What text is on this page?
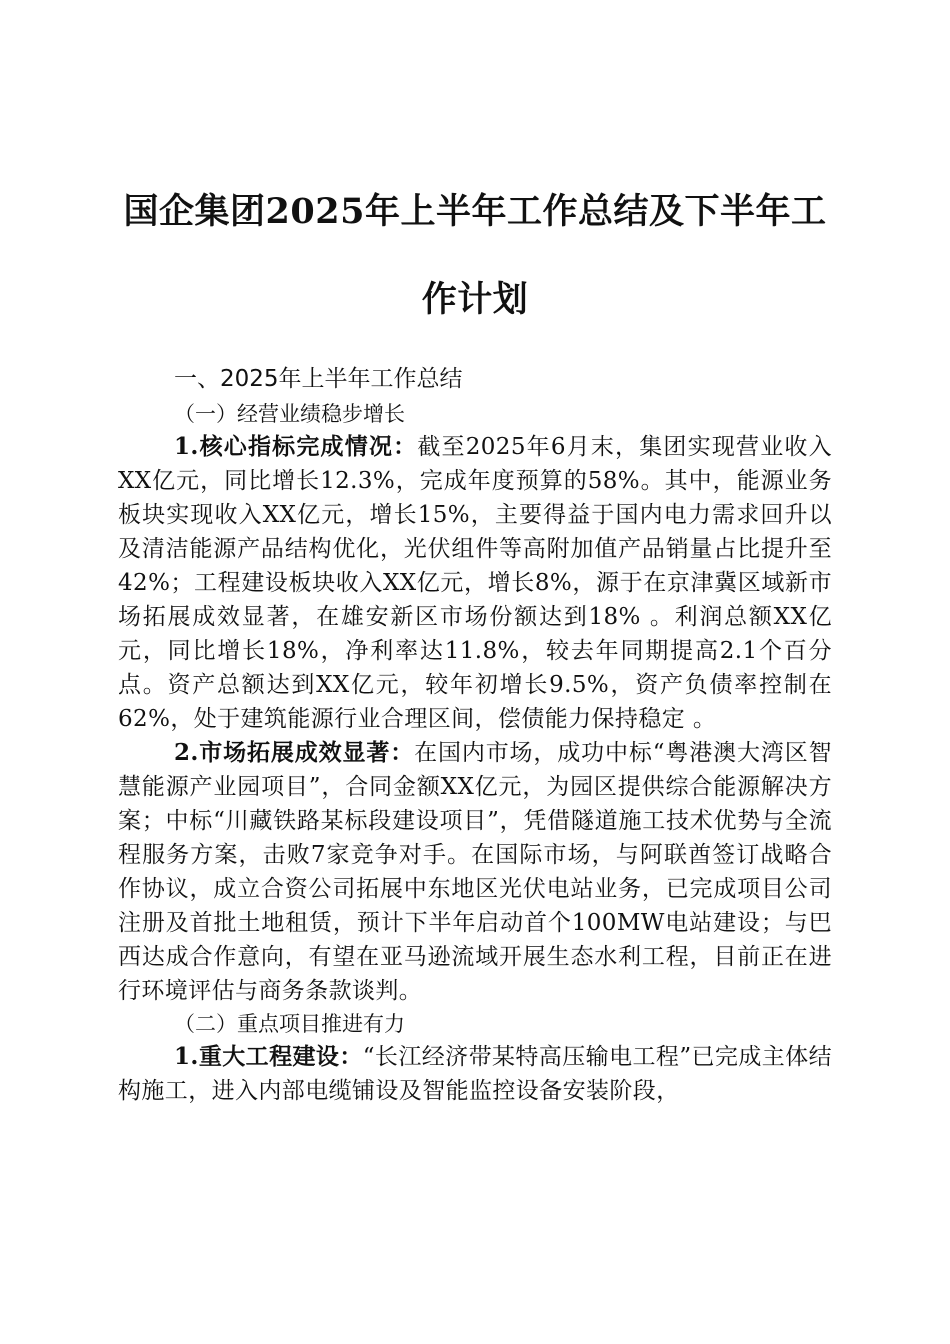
国企集团2025年上半年工作总结及下半年工作计划

一、2025年上半年工作总结

（一）经营业绩稳步增长

1.核心指标完成情况：截至2025年6月末，集团实现营业收入XX亿元，同比增长12.3%，完成年度预算的58%。其中，能源业务板块实现收入XX亿元，增长15%，主要得益于国内电力需求回升以及清洁能源产品结构优化，光伏组件等高附加值产品销量占比提升至42%；工程建设板块收入XX亿元，增长8%，源于在京津冀区域新市场拓展成效显著，在雄安新区市场份额达到18% 。利润总额XX亿元，同比增长18%，净利率达11.8%，较去年同期提高2.1个百分点。资产总额达到XX亿元，较年初增长9.5%，资产负债率控制在62%，处于建筑能源行业合理区间，偿债能力保持稳定 。

2.市场拓展成效显著：在国内市场，成功中标“粤港澳大湾区智慧能源产业园项目”，合同金额XX亿元，为园区提供综合能源解决方案；中标“川藏铁路某标段建设项目”，凭借隧道施工技术优势与全流程服务方案，击败7家竞争对手。在国际市场，与阿联酋签订战略合作协议，成立合资公司拓展中东地区光伏电站业务，已完成项目公司注册及首批土地租赁，预计下半年启动首个100MW电站建设；与巴西达成合作意向，有望在亚马逊流域开展生态水利工程，目前正在进行环境评估与商务条款谈判。

（二）重点项目推进有力

1.重大工程建设：“长江经济带某特高压输电工程”已完成主体结构施工，进入内部电缆铺设及智能监控设备安装阶段，
